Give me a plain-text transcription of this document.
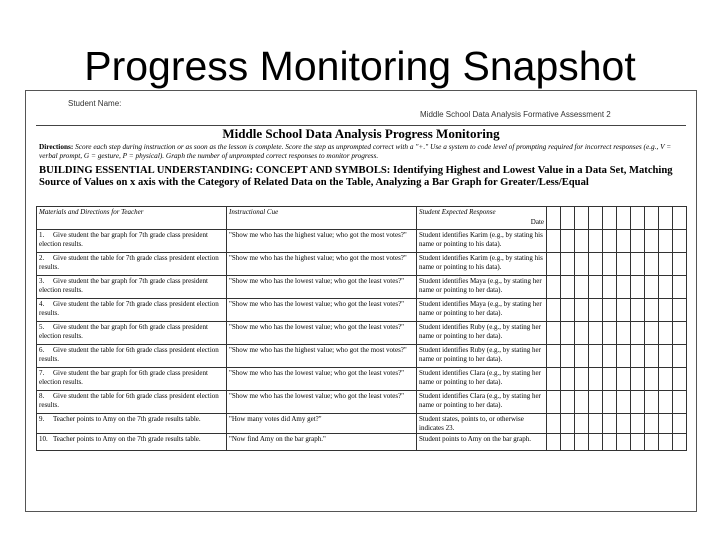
Progress Monitoring Snapshot
Student Name:
Middle School Data Analysis Formative Assessment 2
Middle School Data Analysis Progress Monitoring
Directions: Score each step during instruction or as soon as the lesson is complete. Score the step as unprompted correct with a "+." Use a system to code level of prompting required for incorrect responses (e.g., V = verbal prompt, G = gesture, P = physical). Graph the number of unprompted correct responses to monitor progress.
BUILDING ESSENTIAL UNDERSTANDING: CONCEPT AND SYMBOLS: Identifying Highest and Lowest Value in a Data Set, Matching Source of Values on x axis with the Category of Related Data on the Table, Analyzing a Bar Graph for Greater/Less/Equal
Materials and Directions for Teacher	Instructional Cue	Student Expected Response
Date										

1. Give student the bar graph for 7th grade class president election results.	"Show me who has the highest value; who got the most votes?"	Student identifies Karim (e.g., by stating his name or pointing to his data).										
2. Give student the table for 7th grade class president election results.	"Show me who has the highest value; who got the most votes?"	Student identifies Karim (e.g., by stating his name or pointing to his data).										
3. Give student the bar graph for 7th grade class president election results.	"Show me who has the lowest value; who got the least votes?"	Student identifies Maya (e.g., by stating her name or pointing to her data).										
4. Give student the table for 7th grade class president election results.	"Show me who has the lowest value; who got the least votes?"	Student identifies Maya (e.g., by stating her name or pointing to her data).										
5. Give student the bar graph for 6th grade class president election results.	"Show me who has the lowest value; who got the least votes?"	Student identifies Ruby (e.g., by stating her name or pointing to her data).										
6. Give student the table for 6th grade class president election results.	"Show me who has the highest value; who got the most votes?"	Student identifies Ruby (e.g., by stating her name or pointing to her data).										
7. Give student the bar graph for 6th grade class president election results.	"Show me who has the lowest value; who got the least votes?"	Student identifies Clara (e.g., by stating her name or pointing to her data).										
8. Give student the table for 6th grade class president election results.	"Show me who has the lowest value; who got the least votes?"	Student identifies Clara (e.g., by stating her name or pointing to her data).										
9. Teacher points to Amy on the 7th grade results table.	"How many votes did Amy get?"	Student states, points to, or otherwise indicates 23.										
10. Teacher points to Amy on the 7th grade results table.	"Now find Amy on the bar graph."	Student points to Amy on the bar graph.										
